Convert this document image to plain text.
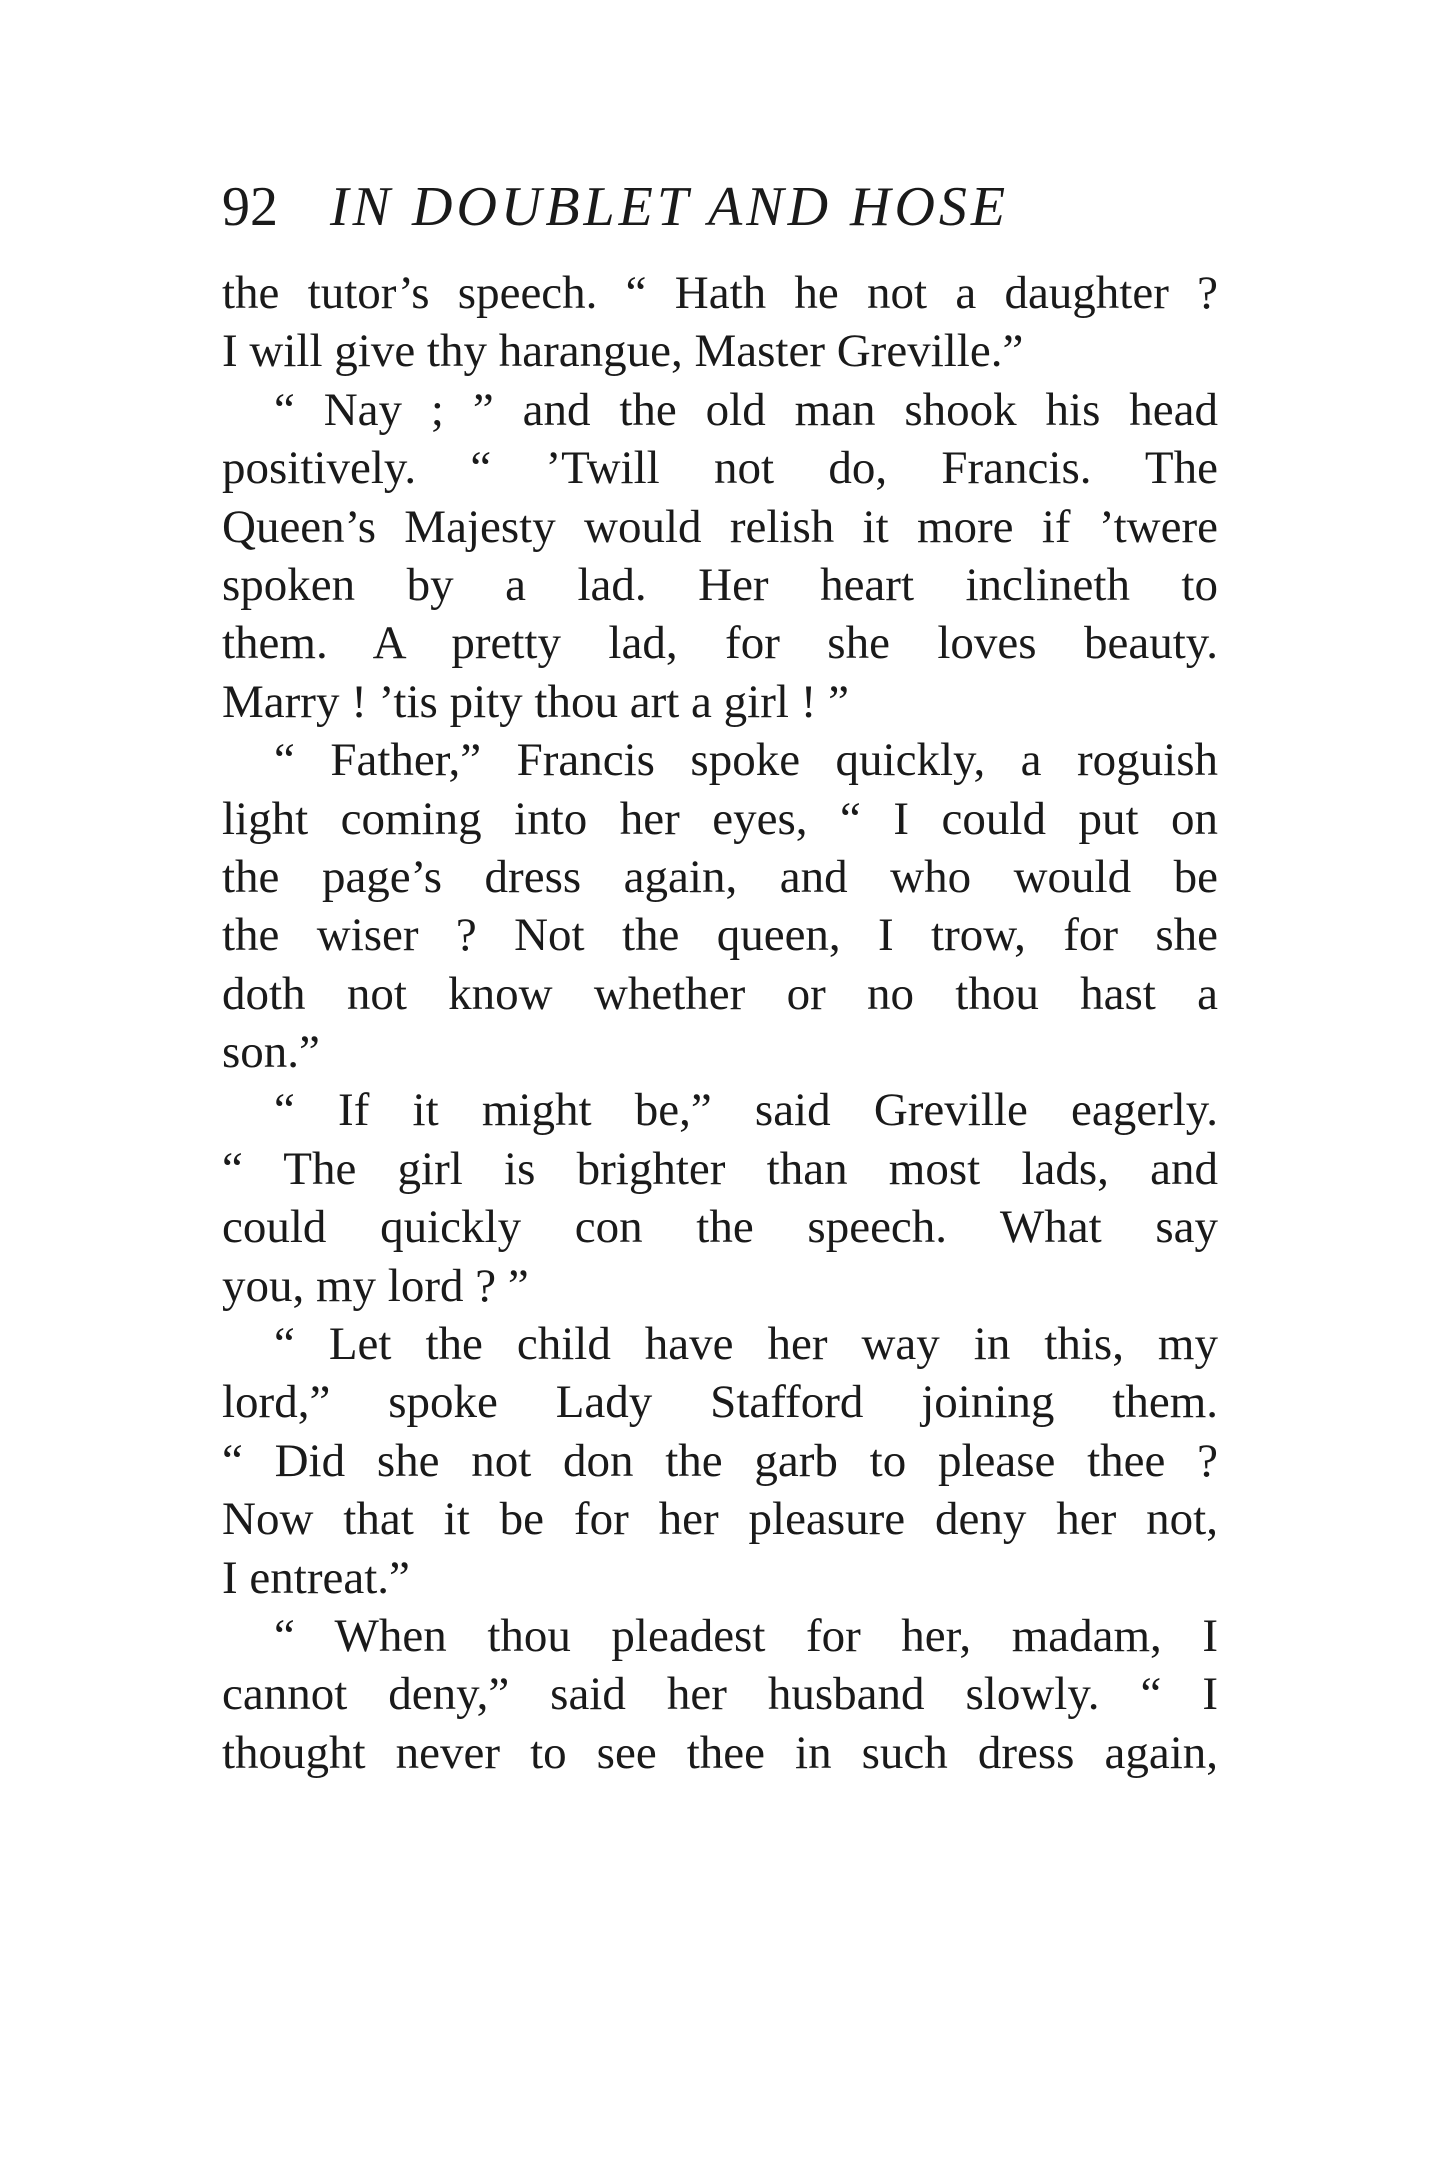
92 IN DOUBLET AND HOSE
the tutor’s speech. “ Hath he not a daughter ?
I will give thy harangue, Master Greville.”
“ Nay ; ” and the old man shook his head
positively. “ ’Twill not do, Francis. The
Queen’s Majesty would relish it more if ’twere
spoken by a lad. Her heart inclineth to
them. A pretty lad, for she loves beauty.
Marry ! ’tis pity thou art a girl ! ”
“ Father,” Francis spoke quickly, a roguish
light coming into her eyes, “ I could put on
the page’s dress again, and who would be
the wiser ? Not the queen, I trow, for she
doth not know whether or no thou hast a
son.”
“ If it might be,” said Greville eagerly.
“ The girl is brighter than most lads, and
could quickly con the speech. What say
you, my lord ? ”
“ Let the child have her way in this, my
lord,” spoke Lady Stafford joining them.
“ Did she not don the garb to please thee ?
Now that it be for her pleasure deny her not,
I entreat.”
“ When thou pleadest for her, madam, I
cannot deny,” said her husband slowly. “ I
thought never to see thee in such dress again,
